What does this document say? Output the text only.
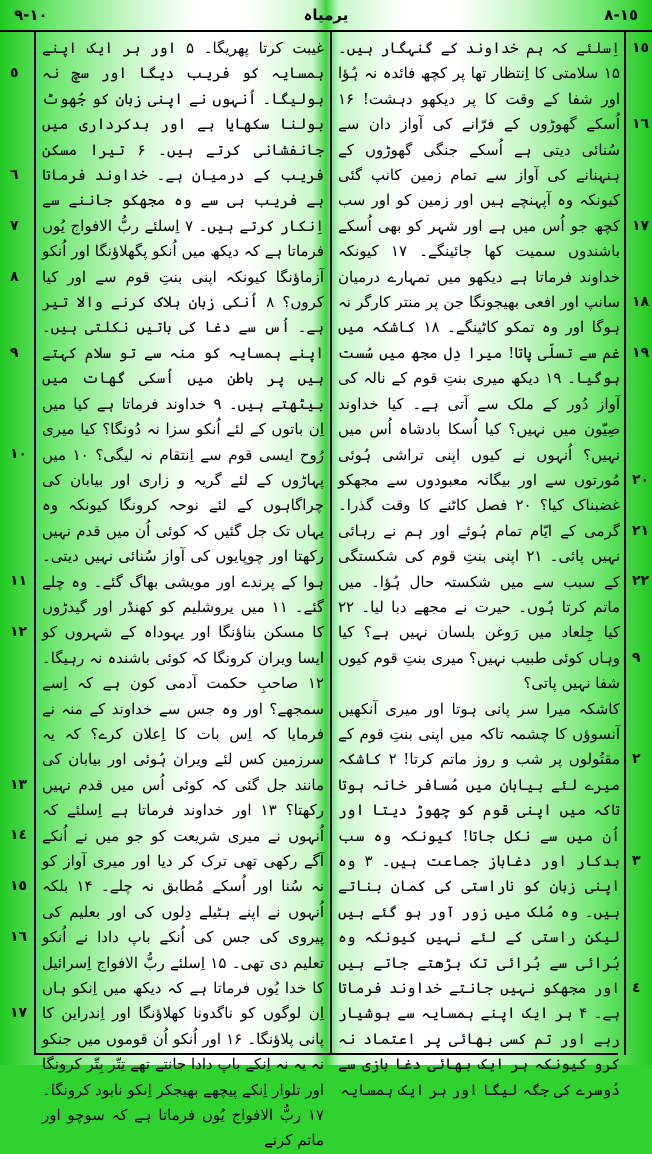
١٠-٩	یرمیاہ	١٥-٨
اِسلئے کہ ہم خداوند کے گنہگار ہیں۔ ۱۵ سلامتی کا اِنتظار تھا پر کچھ فائدہ نہ ہُؤا اور شفا کے وقت کا پر دیکھو دہشت! ۱۶ اُسکے گھوڑوں کے فرّانے کی آواز دان سے سُنائی دیتی ہے اُسکے جنگی گھوڑوں کے ہنہنانے کی آواز سے تمام زمین کانپ گئی کیونکہ وہ آپہنچے ہیں اور زمین کو اور سب کچھ جو اُس میں ہے اور شہر کو بھی اُسکے باشندوں سمیت کھا جائینگے۔ ۱۷ کیونکہ خداوند فرماتا ہے دیکھو میں تمہارے درمیان سانپ اور افعی بھیجونگا جن پر منتر کارگر نہ ہوگا اور وہ تمکو کاٹینگے۔ ۱۸ کاشکہ میں غم سے تسلّی پاتا! میرا دِل مجھ میں سُست ہوگیا۔ ۱۹ دیکھ میری بنتِ قوم کے نالہ کی آواز دُور کے ملک سے آتی ہے۔ کیا خداوند صِیّون میں نہیں؟ کیا اُسکا بادشاہ اُس میں نہیں؟ اُنہوں نے کیوں اپنی تراشی ہُوئی مُورتوں سے اور بیگانہ معبودوں سے مجھکو غضبناک کیا؟ ۲۰ فصل کاٹنے کا وقت گذرا۔ گرمی کے ایّام تمام ہُوئے اور ہم نے رہائی نہیں پائی۔ ۲۱ اپنی بنتِ قوم کی شکستگی کے سبب سے میں شکستہ حال ہُؤا۔ میں ماتم کرتا ہُوں۔ حیرت نے مجھے دبا لیا۔ ۲۲ کیا جِلعاد میں رَوغن بلسان نہیں ہے؟ کیا وہاں کوئی طبیب نہیں؟ میری بنتِ قوم کیوں شفا نہیں پاتی؟
کاشکہ میرا سر پانی ہوتا اور میری آنکھیں آنسوؤں کا چشمہ تاکہ میں اپنی بنتِ قوم کے مقتُولوں پر شب و روز ماتم کرتا! ۲ کاشکہ میرے لئے بیابان میں مُسافر خانہ ہوتا تاکہ میں اپنی قوم کو چھوڑ دیتا اور اُن میں سے نکل جاتا! کیونکہ وہ سب بدکار اور دغاباز جماعت ہیں۔ ۳ وہ اپنی زبان کو ناراستی کی کمان بناتے ہیں۔ وہ مُلک میں زور آور ہو گئے ہیں لیکن راستی کے لئے نہیں کیونکہ وہ بُرائی سے بُرائی تک بڑھتے جاتے ہیں اور مجھکو نہیں جانتے خداوند فرماتا ہے۔ ۴ ہر ایک اپنے ہمسایہ سے ہوشیار رہے اور تم کسی بھائی پر اعتماد نہ کرو کیونکہ ہر ایک بھائی دغا بازی سے دُوسرے کی جگہ لیگا اور ہر ایک ہمسایہ
غیبت کرتا پھریگا۔ ۵ اور ہر ایک اپنے ہمسایہ کو فریب دیگا اور سچ نہ بولیگا۔ اُنہوں نے اپنی زبان کو جُھوٹ بولنا سکھایا ہے اور بدکرداری میں جانفشانی کرتے ہیں۔ ۶ تیرا مسکن فریب کے درمیان ہے۔ خداوند فرماتا ہے فریب ہی سے وہ مجھکو جاننے سے اِنکار کرتے ہیں۔ ۷ اِسلئے ربُّ الافواج یُوں فرماتا ہے کہ دیکھ میں اُنکو پگھلاؤنگا اور اُنکو آزماؤنگا کیونکہ اپنی بنتِ قوم سے اور کیا کروں؟ ۸ اُنکی زبان ہلاک کرنے والا تیر ہے۔ اُس سے دغا کی باتیں نکلتی ہیں۔ اپنے ہمسایہ کو منہ سے تو سلام کہتے ہیں پر باطن میں اُسکی گھات میں بیٹھتے ہیں۔ ۹ خداوند فرماتا ہے کیا میں اِن باتوں کے لئے اُنکو سزا نہ دُونگا؟ کیا میری رُوح ایسی قوم سے اِنتقام نہ لیگی؟ ۱۰ میں پہاڑوں کے لئے گریہ و زاری اور بیابان کی چراگاہوں کے لئے نوحہ کرونگا کیونکہ وہ یہاں تک جل گئیں کہ کوئی اُن میں قدم نہیں رکھتا اور چوپایوں کی آواز سُنائی نہیں دیتی۔ ہوا کے پرندے اور مویشی بھاگ گئے۔ وہ چلے گئے۔ ۱۱ میں یروشلیم کو کھنڈر اور گیدڑوں کا مسکن بناؤنگا اور یہوداہ کے شہروں کو ایسا ویران کرونگا کہ کوئی باشندہ نہ رہیگا۔ ۱۲ صاحبِ حکمت آدمی کون ہے کہ اِسے سمجھے؟ اور وہ جس سے خداوند کے منہ نے فرمایا کہ اِس بات کا اِعلان کرے؟ کہ یہ سرزمین کس لئے ویران ہُوئی اور بیابان کی مانند جل گئی کہ کوئی اُس میں قدم نہیں رکھتا؟ ۱۳ اور خداوند فرماتا ہے اِسلئے کہ اُنہوں نے میری شریعت کو جو میں نے اُنکے آگے رکھی تھی ترک کر دیا اور میری آواز کو نہ سُنا اور اُسکے مُطابق نہ چلے۔ ۱۴ بلکہ اُنہوں نے اپنے ہٹیلے دِلوں کی اور بعلیم کی پیروی کی جس کی اُنکے باپ دادا نے اُنکو تعلیم دی تھی۔ ۱۵ اِسلئے ربُّ الافواج اِسرائیل کا خدا یُوں فرماتا ہے کہ دیکھ میں اِنکو ہاں اِن لوگوں کو ناگدونا کھلاؤنگا اور اِندراین کا پانی پلاؤنگا۔ ۱۶ اور اُنکو اُن قوموں میں جنکو نہ یہ نہ اِنکے باپ دادا جانتے تھے تِتّر بِتّر کرونگا اور تلوار اِنکے پیچھے بھیجکر اِنکو نابود کرونگا۔ ۱۷ ربُّ الافواج یُوں فرماتا ہے کہ سوچو اور ماتم کرنے
١٥
١٦
١٧
١٨
١٩
٢٠
٢١
٢٢
٩
٢
٣
٤
٥
٦
٧
٨
٩
١٠
١١
١٢
١٣
١٤
١٥
١٦
١٧
